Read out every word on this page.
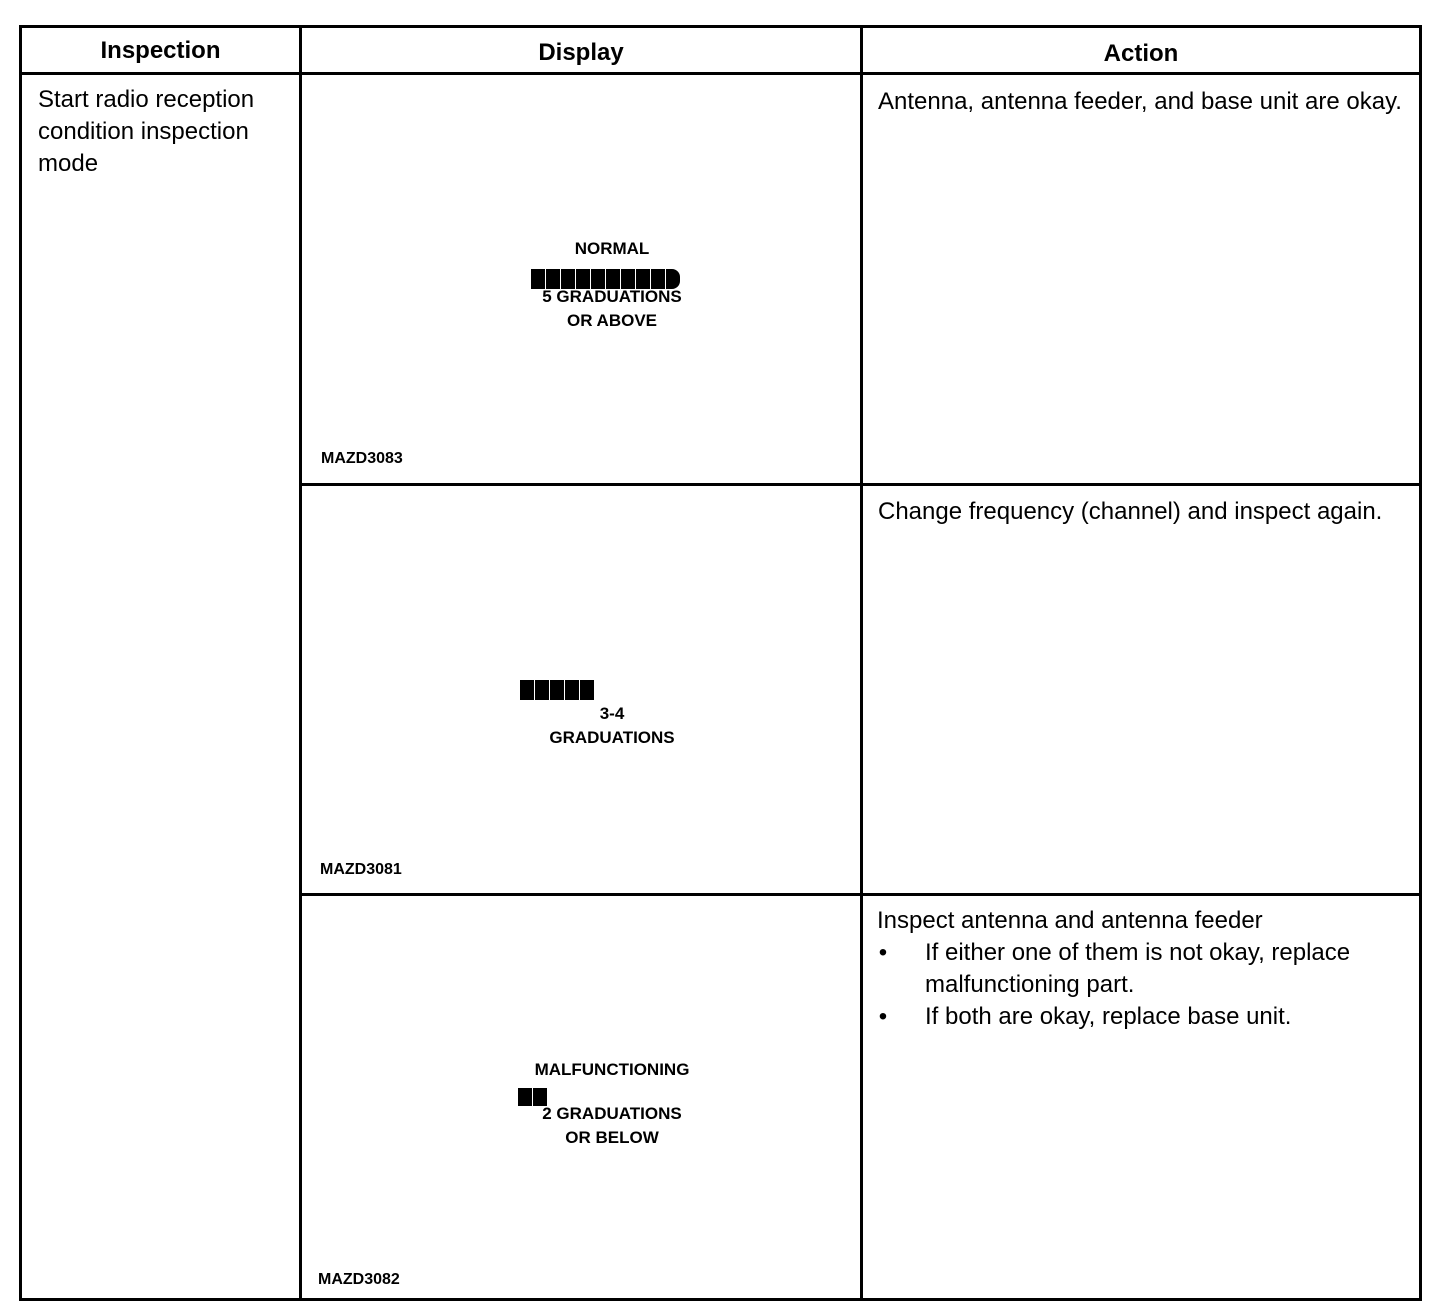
Inspection	Display	Action
Start radio reception condition inspection mode
NORMAL
5 GRADUATIONS
OR ABOVE
MAZD3083
Antenna, antenna feeder, and base unit are okay.
3-4
GRADUATIONS
MAZD3081
Change frequency (channel) and inspect again.
MALFUNCTIONING
2 GRADUATIONS
OR BELOW
MAZD3082
Inspect antenna and antenna feeder
• If either one of them is not okay, replace malfunctioning part.
• If both are okay, replace base unit.
